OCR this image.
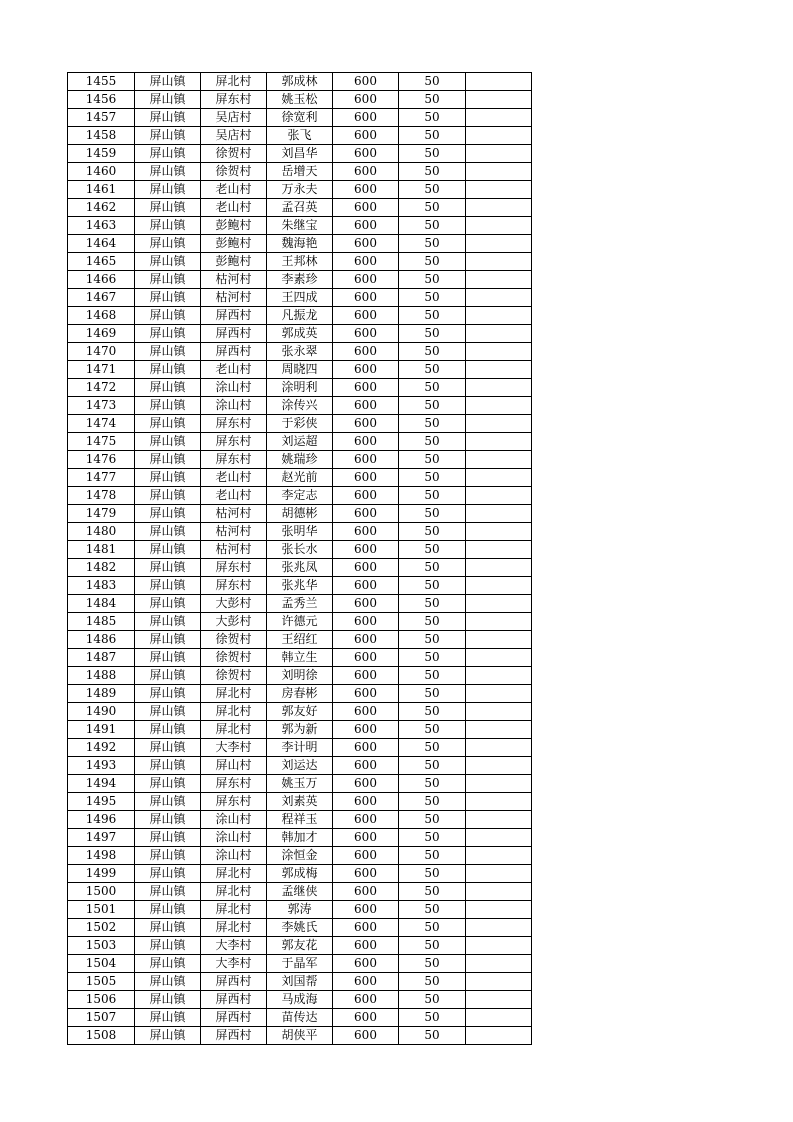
1455	屏山镇	屏北村	郭成林	600	50	
1456	屏山镇	屏东村	姚玉松	600	50	
1457	屏山镇	吴店村	徐宽利	600	50	
1458	屏山镇	吴店村	张飞	600	50	
1459	屏山镇	徐贺村	刘昌华	600	50	
1460	屏山镇	徐贺村	岳增天	600	50	
1461	屏山镇	老山村	万永夫	600	50	
1462	屏山镇	老山村	孟召英	600	50	
1463	屏山镇	彭鲍村	朱继宝	600	50	
1464	屏山镇	彭鲍村	魏海艳	600	50	
1465	屏山镇	彭鲍村	王邦林	600	50	
1466	屏山镇	枯河村	李素珍	600	50	
1467	屏山镇	枯河村	王四成	600	50	
1468	屏山镇	屏西村	凡振龙	600	50	
1469	屏山镇	屏西村	郭成英	600	50	
1470	屏山镇	屏西村	张永翠	600	50	
1471	屏山镇	老山村	周晓四	600	50	
1472	屏山镇	涂山村	涂明利	600	50	
1473	屏山镇	涂山村	涂传兴	600	50	
1474	屏山镇	屏东村	于彩侠	600	50	
1475	屏山镇	屏东村	刘运超	600	50	
1476	屏山镇	屏东村	姚瑞珍	600	50	
1477	屏山镇	老山村	赵光前	600	50	
1478	屏山镇	老山村	李定志	600	50	
1479	屏山镇	枯河村	胡德彬	600	50	
1480	屏山镇	枯河村	张明华	600	50	
1481	屏山镇	枯河村	张长水	600	50	
1482	屏山镇	屏东村	张兆凤	600	50	
1483	屏山镇	屏东村	张兆华	600	50	
1484	屏山镇	大彭村	孟秀兰	600	50	
1485	屏山镇	大彭村	许德元	600	50	
1486	屏山镇	徐贺村	王绍红	600	50	
1487	屏山镇	徐贺村	韩立生	600	50	
1488	屏山镇	徐贺村	刘明徐	600	50	
1489	屏山镇	屏北村	房春彬	600	50	
1490	屏山镇	屏北村	郭友好	600	50	
1491	屏山镇	屏北村	郭为新	600	50	
1492	屏山镇	大李村	李计明	600	50	
1493	屏山镇	屏山村	刘运达	600	50	
1494	屏山镇	屏东村	姚玉万	600	50	
1495	屏山镇	屏东村	刘素英	600	50	
1496	屏山镇	涂山村	程祥玉	600	50	
1497	屏山镇	涂山村	韩加才	600	50	
1498	屏山镇	涂山村	涂恒金	600	50	
1499	屏山镇	屏北村	郭成梅	600	50	
1500	屏山镇	屏北村	孟继侠	600	50	
1501	屏山镇	屏北村	郭涛	600	50	
1502	屏山镇	屏北村	李姚氏	600	50	
1503	屏山镇	大李村	郭友花	600	50	
1504	屏山镇	大李村	于晶军	600	50	
1505	屏山镇	屏西村	刘国帮	600	50	
1506	屏山镇	屏西村	马成海	600	50	
1507	屏山镇	屏西村	苗传达	600	50	
1508	屏山镇	屏西村	胡侠平	600	50	
